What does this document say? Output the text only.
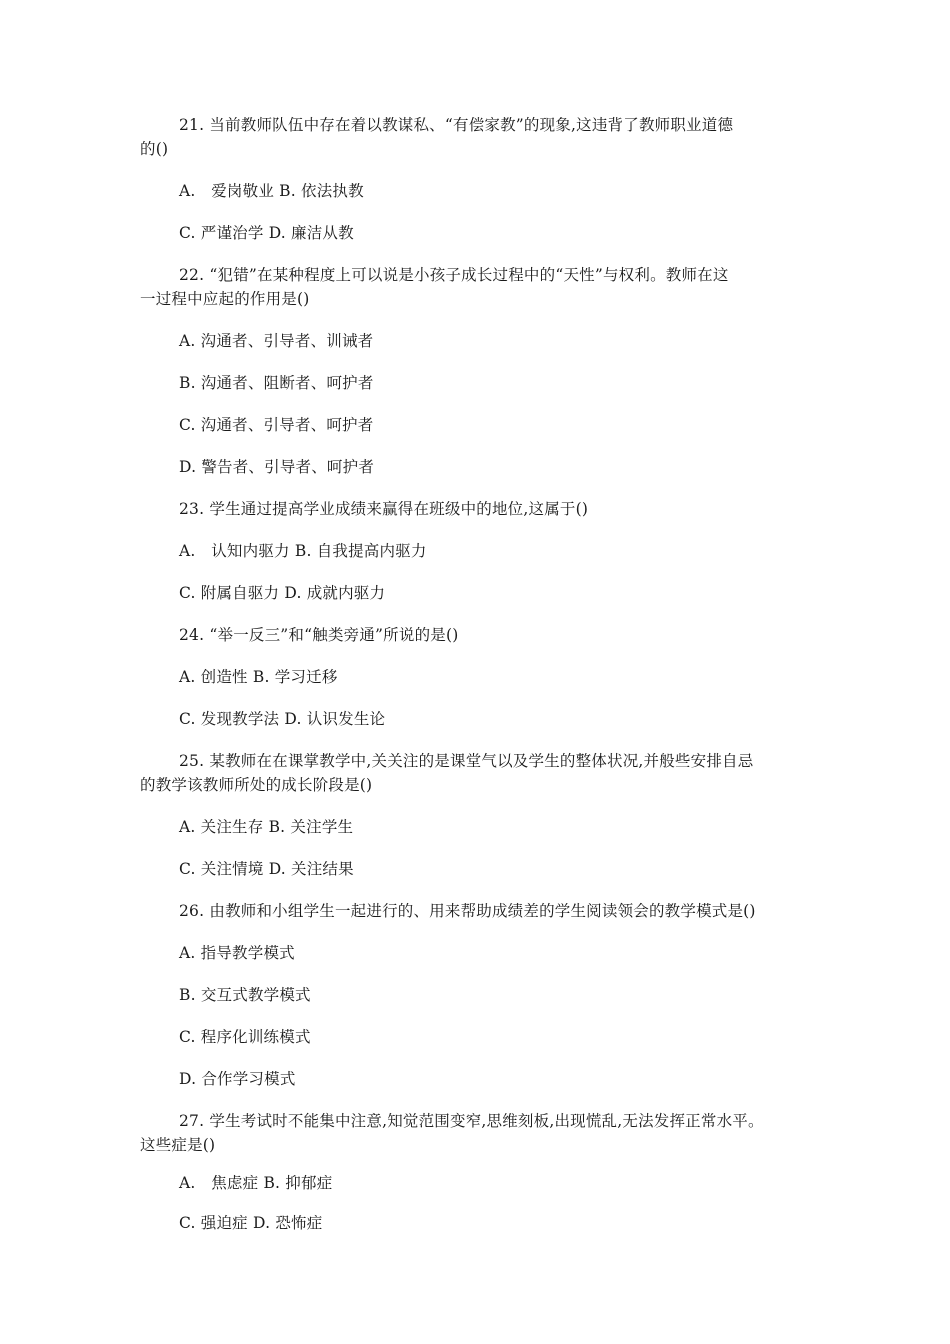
21. 当前教师队伍中存在着以教谋私、“有偿家教”的现象,这违背了教师职业道德
的()
A.　爱岗敬业 B. 依法执教
C. 严谨治学 D. 廉洁从教
22. “犯错”在某种程度上可以说是小孩子成长过程中的“天性”与权利。教师在这
一过程中应起的作用是()
A. 沟通者、引导者、训诫者
B. 沟通者、阻断者、呵护者
C. 沟通者、引导者、呵护者
D. 警告者、引导者、呵护者
23. 学生通过提高学业成绩来赢得在班级中的地位,这属于()
A.　认知内驱力 B. 自我提高内驱力
C. 附属自驱力 D. 成就内驱力
24. “举一反三”和“触类旁通”所说的是()
A. 创造性 B. 学习迁移
C. 发现教学法 D. 认识发生论
25. 某教师在在课掌教学中,关关注的是课堂气以及学生的整体状况,并般些安排自忌
的教学该教师所处的成长阶段是()
A. 关注生存 B. 关注学生
C. 关注情境 D. 关注结果
26. 由教师和小组学生一起进行的、用来帮助成绩差的学生阅读领会的教学模式是()
A. 指导教学模式
B. 交互式教学模式
C. 程序化训练模式
D. 合作学习模式
27. 学生考试时不能集中注意,知觉范围变窄,思维刻板,出现慌乱,无法发挥正常水平。
这些症是()
A.　焦虑症 B. 抑郁症
C. 强迫症 D. 恐怖症
